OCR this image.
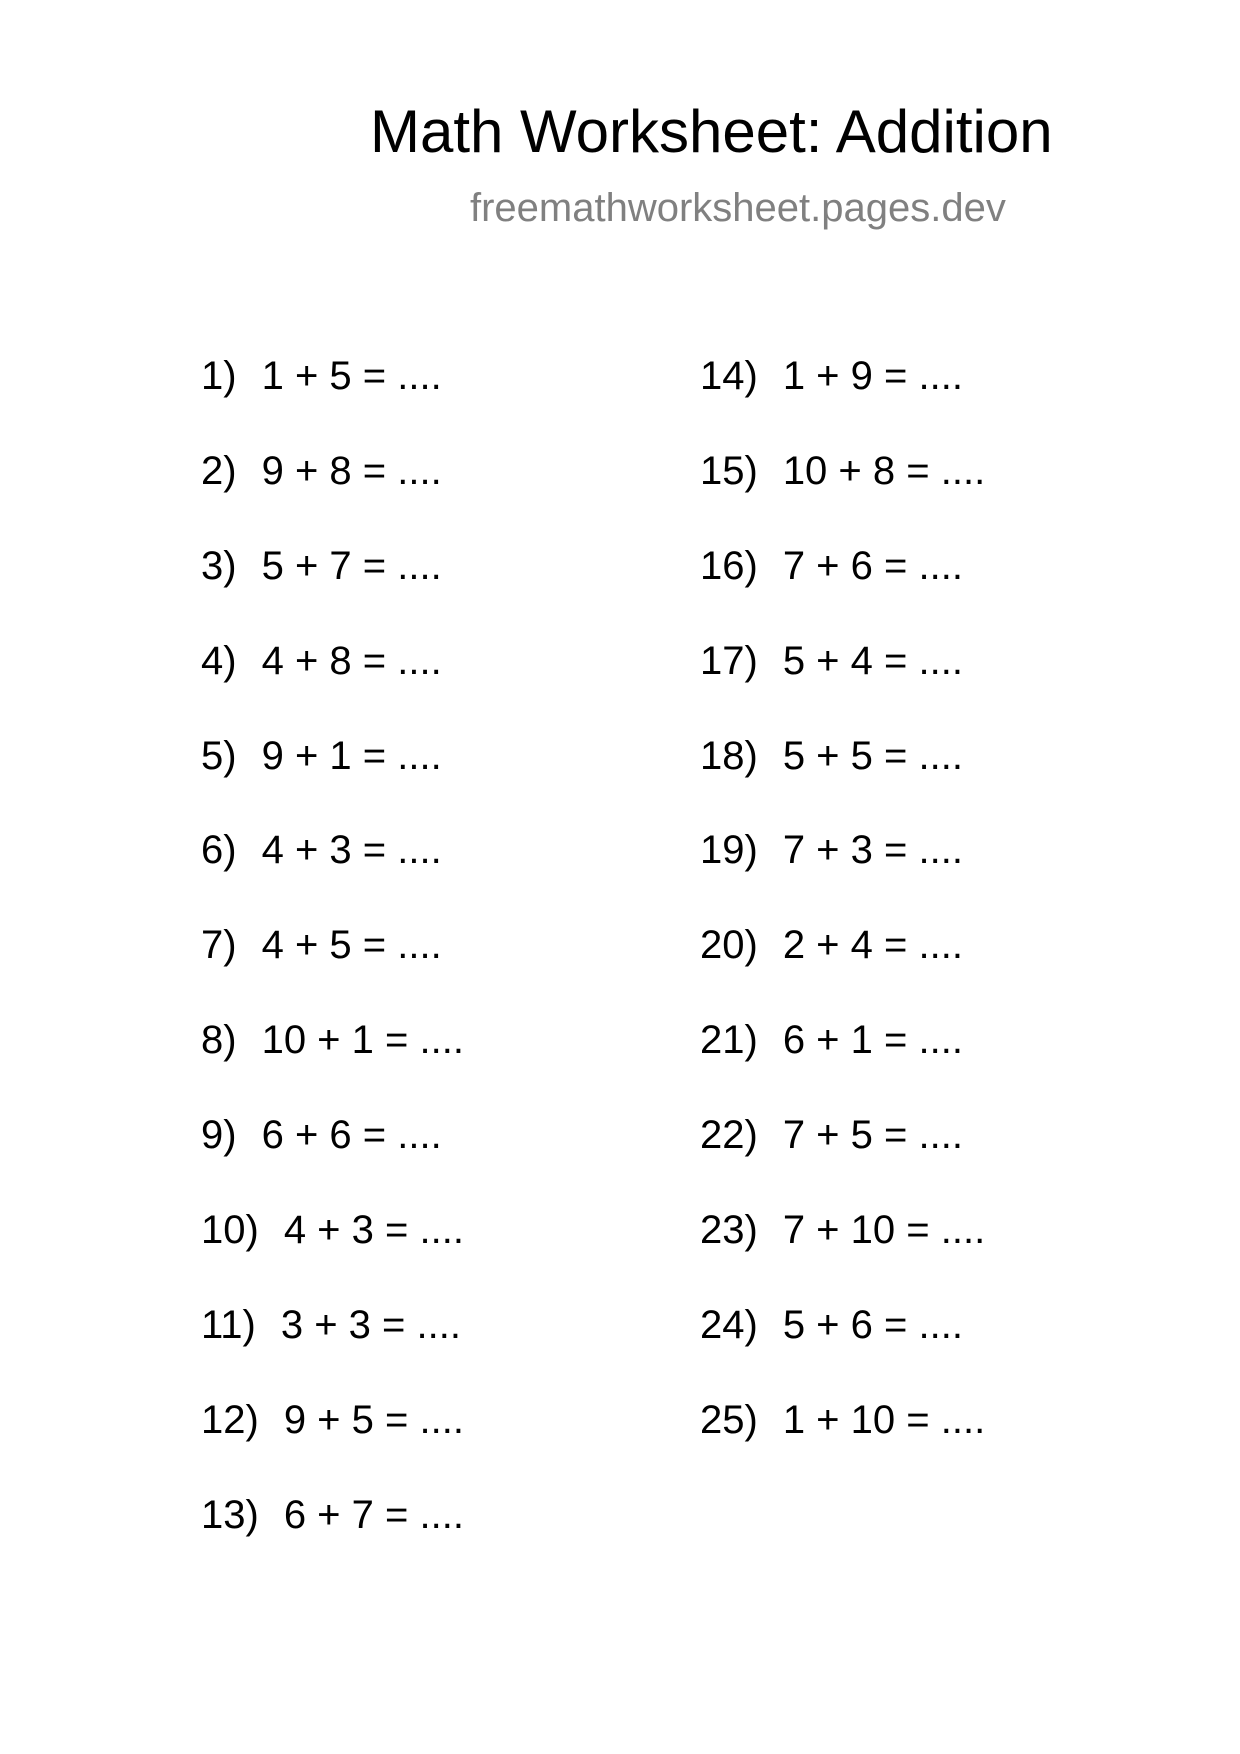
Math Worksheet: Addition
freemathworksheet.pages.dev
1) 1 + 5 = ....
2) 9 + 8 = ....
3) 5 + 7 = ....
4) 4 + 8 = ....
5) 9 + 1 = ....
6) 4 + 3 = ....
7) 4 + 5 = ....
8) 10 + 1 = ....
9) 6 + 6 = ....
10) 4 + 3 = ....
11) 3 + 3 = ....
12) 9 + 5 = ....
13) 6 + 7 = ....
14) 1 + 9 = ....
15) 10 + 8 = ....
16) 7 + 6 = ....
17) 5 + 4 = ....
18) 5 + 5 = ....
19) 7 + 3 = ....
20) 2 + 4 = ....
21) 6 + 1 = ....
22) 7 + 5 = ....
23) 7 + 10 = ....
24) 5 + 6 = ....
25) 1 + 10 = ....
